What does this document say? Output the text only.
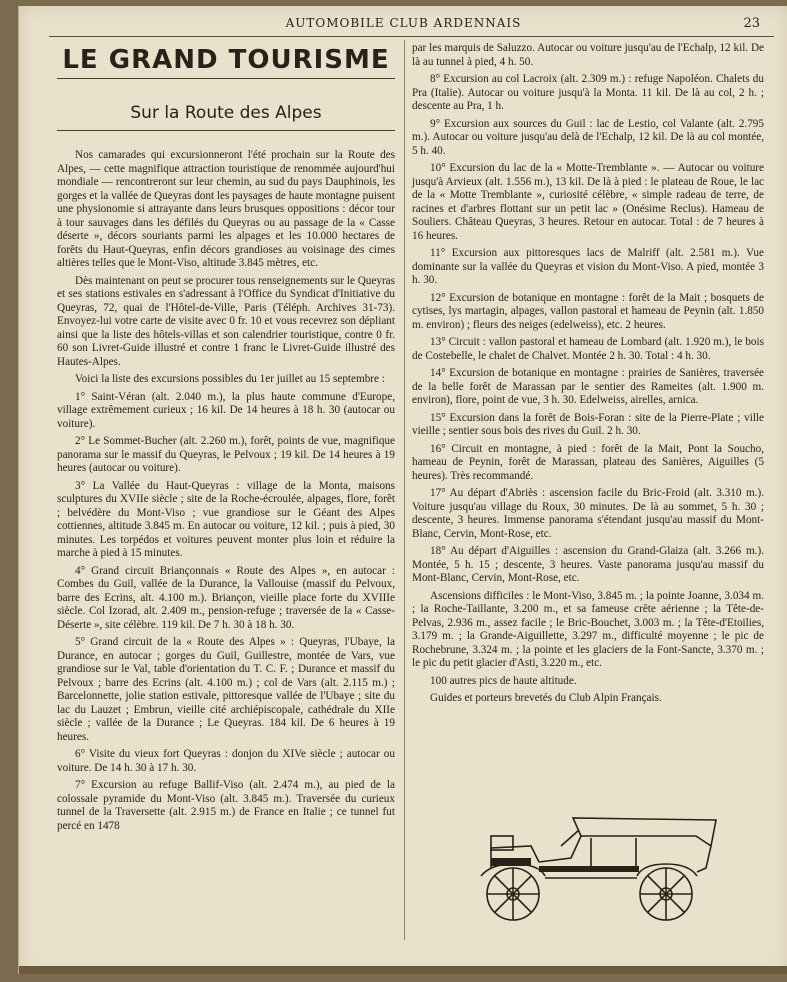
AUTOMOBILE CLUB ARDENNAIS	23
LE GRAND TOURISME
Sur la Route des Alpes

Nos camarades qui excursionneront l'été prochain sur la Route des Alpes, — cette magnifique attraction touristique de renommée aujourd'hui mondiale — rencontreront sur leur chemin, au sud du pays Dauphinois, les gorges et la vallée de Queyras dont les paysages de haute montagne puisent une physionomie si attrayante dans leurs brusques oppositions : décor tour à tour sauvages dans les défilés du Queyras ou au passage de la « Casse déserte », décors souriants parmi les alpages et les 10.000 hectares de forêts du Haut-Queyras, enfin décors grandioses au voisinage des cimes altières telles que le Mont-Viso, altitude 3.845 mètres, etc.

Dès maintenant on peut se procurer tous renseignements sur le Queyras et ses stations estivales en s'adressant à l'Office du Syndicat d'Initiative du Queyras, 72, quai de l'Hôtel-de-Ville, Paris (Téléph. Archives 31-73). Envoyez-lui votre carte de visite avec 0 fr. 10 et vous recevrez son dépliant ainsi que la liste des hôtels-villas et son calendrier touristique, contre 0 fr. 60 son Livret-Guide illustré et contre 1 franc le Livret-Guide illustré des Hautes-Alpes.

Voici la liste des excursions possibles du 1er juillet au 15 septembre :

1° Saint-Véran (alt. 2.040 m.), la plus haute commune d'Europe, village extrêmement curieux ; 16 kil. De 14 heures à 18 h. 30 (autocar ou voiture).

2° Le Sommet-Bucher (alt. 2.260 m.), forêt, points de vue, magnifique panorama sur le massif du Queyras, le Pelvoux ; 19 kil. De 14 heures à 19 heures (autocar ou voiture).

3° La Vallée du Haut-Queyras : village de la Monta, maisons sculptures du XVIIe siècle ; site de la Roche-écroulée, alpages, flore, forêt ; belvédère du Mont-Viso ; vue grandiose sur le Géant des Alpes cottiennes, altitude 3.845 m. En autocar ou voiture, 12 kil. ; puis à pied, 30 minutes. Les torpédos et voitures peuvent monter plus loin et réduire la marche à pied à 15 minutes.

4° Grand circuit Briançonnais « Route des Alpes », en autocar : Combes du Guil, vallée de la Durance, la Vallouise (massif du Pelvoux, barre des Ecrins, alt. 4.100 m.). Briançon, vieille place forte du XVIIIe siècle. Col Izorad, alt. 2.409 m., pension-refuge ; traversée de la « Casse-Déserte », site célèbre. 119 kil. De 7 h. 30 à 18 h. 30.

5° Grand circuit de la « Route des Alpes » : Queyras, l'Ubaye, la Durance, en autocar ; gorges du Guil, Guillestre, montée de Vars, vue grandiose sur le Val, table d'orientation du T. C. F. ; Durance et massif du Pelvoux ; barre des Ecrins (alt. 4.100 m.) ; col de Vars (alt. 2.115 m.) ; Barcelonnette, jolie station estivale, pittoresque vallée de l'Ubaye ; site du lac du Lauzet ; Embrun, vieille cité archiépiscopale, cathédrale du XIIe siècle ; vallée de la Durance ; Le Queyras. 184 kil. De 6 heures à 19 heures.

6° Visite du vieux fort Queyras : donjon du XIVe siècle ; autocar ou voiture. De 14 h. 30 à 17 h. 30.

7° Excursion au refuge Ballif-Viso (alt. 2.474 m.), au pied de la colossale pyramide du Mont-Viso (alt. 3.845 m.). Traversée du curieux tunnel de la Traversette (alt. 2.915 m.) de France en Italie ; ce tunnel fut percé en 1478

par les marquis de Saluzzo. Autocar ou voiture jusqu'au de l'Echalp, 12 kil. De là au tunnel à pied, 4 h. 50.

8° Excursion au col Lacroix (alt. 2.309 m.) : refuge Napoléon. Chalets du Pra (Italie). Autocar ou voiture jusqu'à la Monta. 11 kil. De là au col, 2 h. ; descente au Pra, 1 h.

9° Excursion aux sources du Guil : lac de Lestio, col Valante (alt. 2.795 m.). Autocar ou voiture jusqu'au delà de l'Echalp, 12 kil. De là au col montée, 5 h. 40.

10° Excursion du lac de la « Motte-Tremblante ». — Autocar ou voiture jusqu'à Arvieux (alt. 1.556 m.), 13 kil. De là à pied : le plateau de Roue, le lac de la « Motte Tremblante », curiosité célèbre, « simple radeau de terre, de racines et d'arbres flottant sur un petit lac » (Onésime Reclus). Hameau de Souliers. Château Queyras, 3 heures. Retour en autocar. Total : de 7 heures à 16 heures.

11° Excursion aux pittoresques lacs de Malriff (alt. 2.581 m.). Vue dominante sur la vallée du Queyras et vision du Mont-Viso. A pied, montée 3 h. 30.

12° Excursion de botanique en montagne : forêt de la Mait ; bosquets de cytises, lys martagin, alpages, vallon pastoral et hameau de Peynin (alt. 1.850 m. environ) ; fleurs des neiges (edelweiss), etc. 2 heures.

13° Circuit : vallon pastoral et hameau de Lombard (alt. 1.920 m.), le bois de Costebelle, le chalet de Chalvet. Montée 2 h. 30. Total : 4 h. 30.

14° Excursion de botanique en montagne : prairies de Sanières, traversée de la belle forêt de Marassan par le sentier des Rameites (alt. 1.900 m. environ), flore, point de vue, 3 h. 30. Edelweiss, airelles, arnica.

15° Excursion dans la forêt de Bois-Foran : site de la Pierre-Plate ; ville vieille ; sentier sous bois des rives du Guil. 2 h. 30.

16° Circuit en montagne, à pied : forêt de la Mait, Pont la Soucho, hameau de Peynin, forêt de Marassan, plateau des Sanières, Aiguilles (5 heures). Très recommandé.

17° Au départ d'Abriès : ascension facile du Bric-Froid (alt. 3.310 m.). Voiture jusqu'au village du Roux, 30 minutes. De là au sommet, 5 h. 30 ; descente, 3 heures. Immense panorama s'étendant jusqu'au massif du Mont-Blanc, Cervin, Mont-Rose, etc.

18° Au départ d'Aiguilles : ascension du Grand-Glaiza (alt. 3.266 m.). Montée, 5 h. 15 ; descente, 3 heures. Vaste panorama jusqu'au massif du Mont-Blanc, Cervin, Mont-Rose, etc.

Ascensions difficiles : le Mont-Viso, 3.845 m. ; la pointe Joanne, 3.034 m. ; la Roche-Taillante, 3.200 m., et sa fameuse crête aérienne ; la Tête-de-Pelvas, 2.936 m., assez facile ; le Bric-Bouchet, 3.003 m. ; la Tête-d'Etoilies, 3.179 m. ; la Grande-Aiguillette, 3.297 m., difficulté moyenne ; le pic de Rochebrune, 3.324 m. ; la pointe et les glaciers de la Font-Sancte, 3.370 m. ; le pic du petit glacier d'Asti, 3.220 m., etc.

100 autres pics de haute altitude.

Guides et porteurs brevetés du Club Alpin Français.
